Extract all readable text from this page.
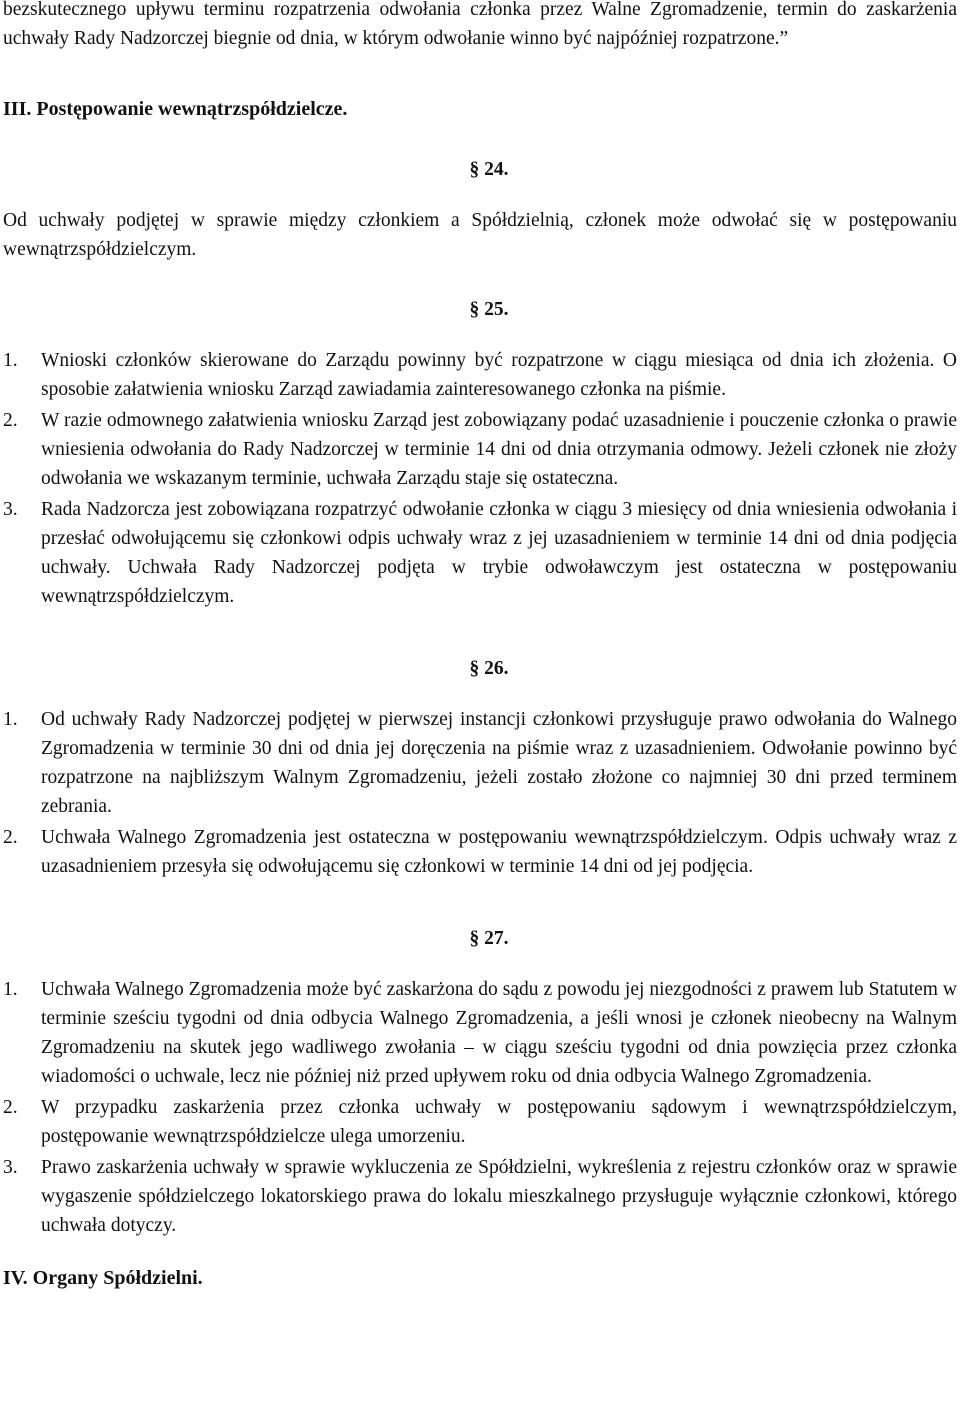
bezskutecznego upływu terminu rozpatrzenia odwołania członka przez Walne Zgromadzenie, termin do zaskarżenia uchwały Rady Nadzorczej biegnie od dnia, w którym odwołanie winno być najpóźniej rozpatrzone.”

III. Postępowanie wewnątrzspółdzielcze.

§ 24.

Od uchwały podjętej w sprawie między członkiem a Spółdzielnią, członek może odwołać się w postępowaniu wewnątrzspółdzielczym.

§ 25.

1.	Wnioski członków skierowane do Zarządu powinny być rozpatrzone w ciągu miesiąca od dnia ich złożenia. O sposobie załatwienia wniosku Zarząd zawiadamia zainteresowanego członka na piśmie.
2.	W razie odmownego załatwienia wniosku Zarząd jest zobowiązany podać uzasadnienie i pouczenie członka o prawie wniesienia odwołania do Rady Nadzorczej w terminie 14 dni od dnia otrzymania odmowy. Jeżeli członek nie złoży odwołania we wskazanym terminie, uchwała Zarządu staje się ostateczna.
3.	Rada Nadzorcza jest zobowiązana rozpatrzyć odwołanie członka w ciągu 3 miesięcy od dnia wniesienia odwołania i przesłać odwołującemu się członkowi odpis uchwały wraz z jej uzasadnieniem w terminie 14 dni od dnia podjęcia uchwały. Uchwała Rady Nadzorczej podjęta w trybie odwoławczym jest ostateczna w postępowaniu wewnątrzspółdzielczym.

§ 26.

1.	Od uchwały Rady Nadzorczej podjętej w pierwszej instancji członkowi przysługuje prawo odwołania do Walnego Zgromadzenia w terminie 30 dni od dnia jej doręczenia na piśmie wraz z uzasadnieniem. Odwołanie powinno być rozpatrzone na najbliższym Walnym Zgromadzeniu, jeżeli zostało złożone co najmniej 30 dni przed terminem zebrania.
2.	Uchwała Walnego Zgromadzenia jest ostateczna w postępowaniu wewnątrzspółdzielczym. Odpis uchwały wraz z uzasadnieniem przesyła się odwołującemu się członkowi w terminie 14 dni od jej podjęcia.

§ 27.

1.	Uchwała Walnego Zgromadzenia może być zaskarżona do sądu z powodu jej niezgodności z prawem lub Statutem w terminie sześciu tygodni od dnia odbycia Walnego Zgromadzenia, a jeśli wnosi je członek nieobecny na Walnym Zgromadzeniu na skutek jego wadliwego zwołania – w ciągu sześciu tygodni od dnia powzięcia przez członka wiadomości o uchwale, lecz nie później niż przed upływem roku od dnia odbycia Walnego Zgromadzenia.
2.	W przypadku zaskarżenia przez członka uchwały w postępowaniu sądowym i wewnątrzspółdzielczym, postępowanie wewnątrzspółdzielcze ulega umorzeniu.
3.	Prawo zaskarżenia uchwały w sprawie wykluczenia ze Spółdzielni, wykreślenia z rejestru członków oraz w sprawie wygaszenie spółdzielczego lokatorskiego prawa do lokalu mieszkalnego przysługuje wyłącznie członkowi, którego uchwała dotyczy.

IV. Organy Spółdzielni.
